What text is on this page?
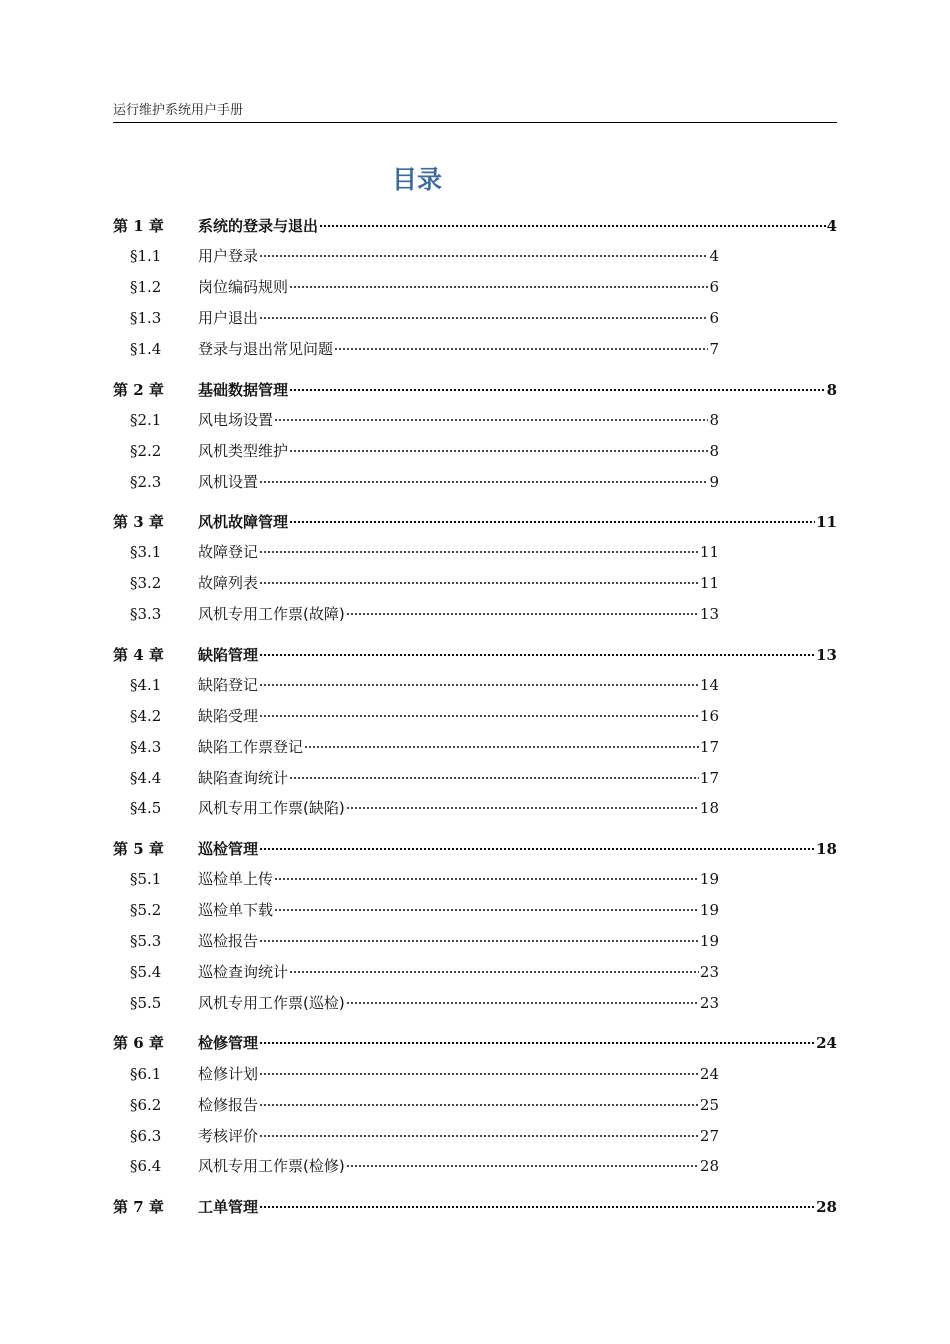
运行维护系统用户手册
目录
第 1 章	系统的登录与退出	4
§1.1	用户登录	4
§1.2	岗位编码规则	6
§1.3	用户退出	6
§1.4	登录与退出常见问题	7
第 2 章	基础数据管理	8
§2.1	风电场设置	8
§2.2	风机类型维护	8
§2.3	风机设置	9
第 3 章	风机故障管理	11
§3.1	故障登记	11
§3.2	故障列表	11
§3.3	风机专用工作票(故障)	13
第 4 章	缺陷管理	13
§4.1	缺陷登记	14
§4.2	缺陷受理	16
§4.3	缺陷工作票登记	17
§4.4	缺陷查询统计	17
§4.5	风机专用工作票(缺陷)	18
第 5 章	巡检管理	18
§5.1	巡检单上传	19
§5.2	巡检单下载	19
§5.3	巡检报告	19
§5.4	巡检查询统计	23
§5.5	风机专用工作票(巡检)	23
第 6 章	检修管理	24
§6.1	检修计划	24
§6.2	检修报告	25
§6.3	考核评价	27
§6.4	风机专用工作票(检修)	28
第 7 章	工单管理	28
